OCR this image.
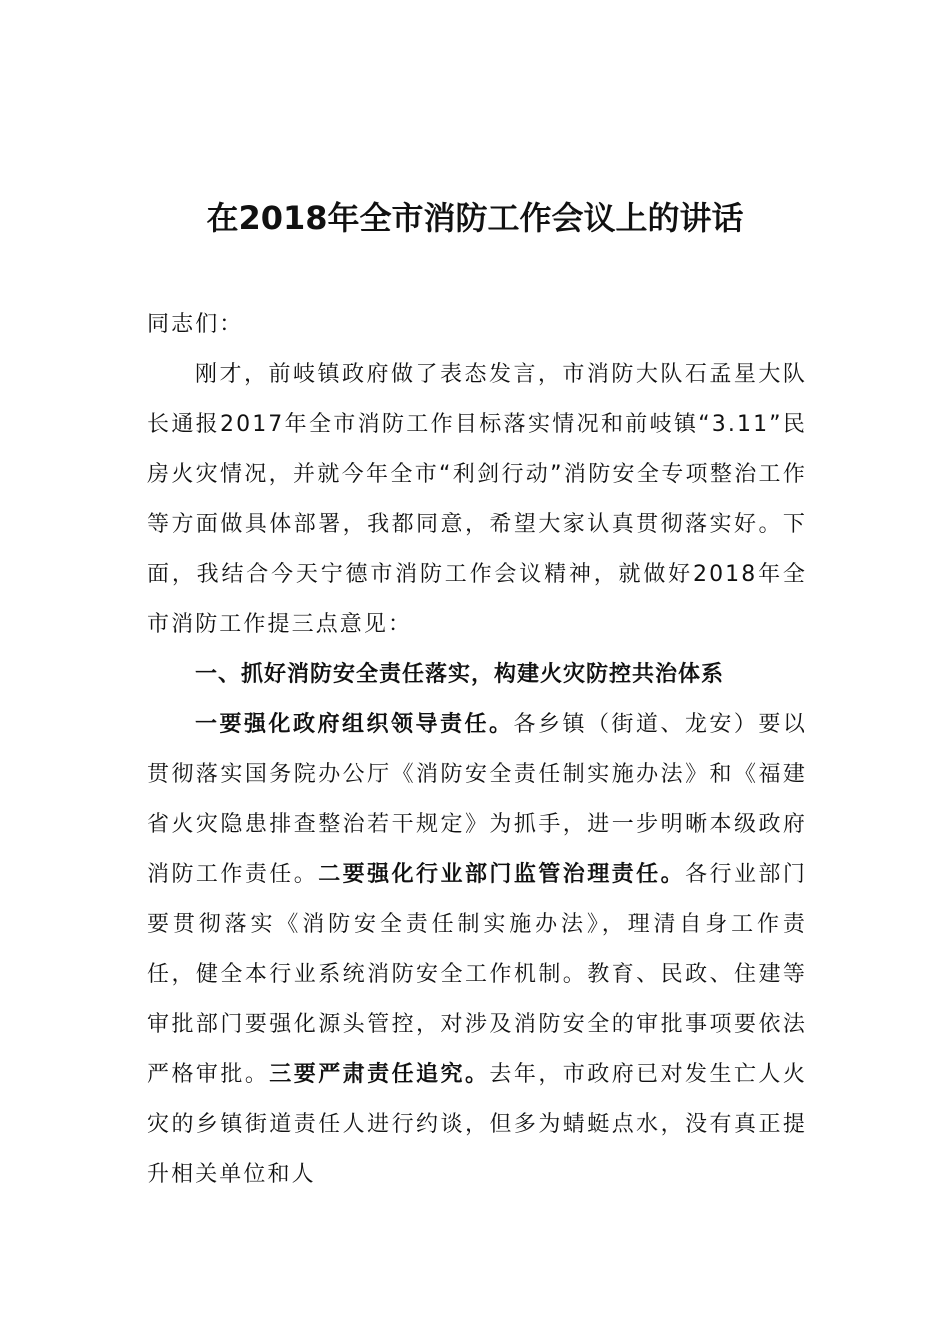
在2018年全市消防工作会议上的讲话

同志们：

刚才，前岐镇政府做了表态发言，市消防大队石孟星大队长通报2017年全市消防工作目标落实情况和前岐镇“3.11”民房火灾情况，并就今年全市“利剑行动”消防安全专项整治工作等方面做具体部署，我都同意，希望大家认真贯彻落实好。下面，我结合今天宁德市消防工作会议精神，就做好2018年全市消防工作提三点意见：

一、抓好消防安全责任落实，构建火灾防控共治体系

一要强化政府组织领导责任。各乡镇（街道、龙安）要以贯彻落实国务院办公厅《消防安全责任制实施办法》和《福建省火灾隐患排查整治若干规定》为抓手，进一步明晰本级政府消防工作责任。二要强化行业部门监管治理责任。各行业部门要贯彻落实《消防安全责任制实施办法》，理清自身工作责任，健全本行业系统消防安全工作机制。教育、民政、住建等审批部门要强化源头管控，对涉及消防安全的审批事项要依法严格审批。三要严肃责任追究。去年，市政府已对发生亡人火灾的乡镇街道责任人进行约谈，但多为蜻蜓点水，没有真正提升相关单位和人
